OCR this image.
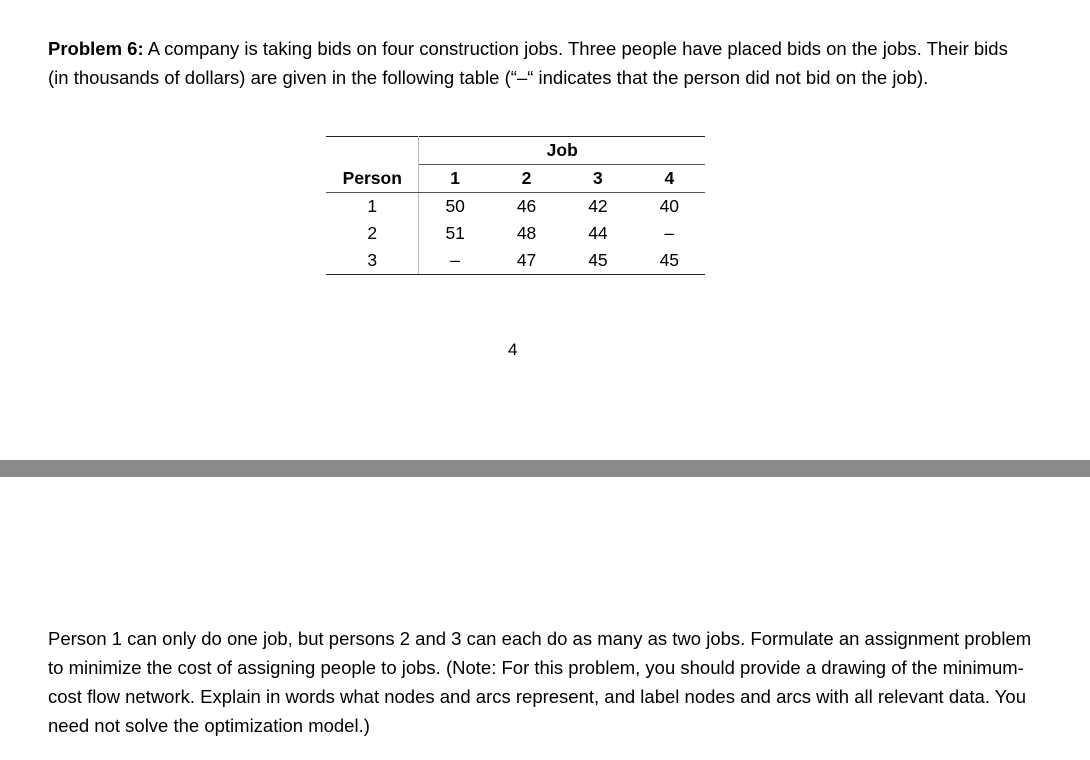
Problem 6: A company is taking bids on four construction jobs. Three people have placed bids on the jobs. Their bids (in thousands of dollars) are given in the following table (“–“ indicates that the person did not bid on the job).

	Job			
Person	1	2	3	4
1	50	46	42	40
2	51	48	44	–
3	–	47	45	45
4

Person 1 can only do one job, but persons 2 and 3 can each do as many as two jobs. Formulate an assignment problem to minimize the cost of assigning people to jobs. (Note: For this problem, you should provide a drawing of the minimum-cost flow network. Explain in words what nodes and arcs represent, and label nodes and arcs with all relevant data. You need not solve the optimization model.)
